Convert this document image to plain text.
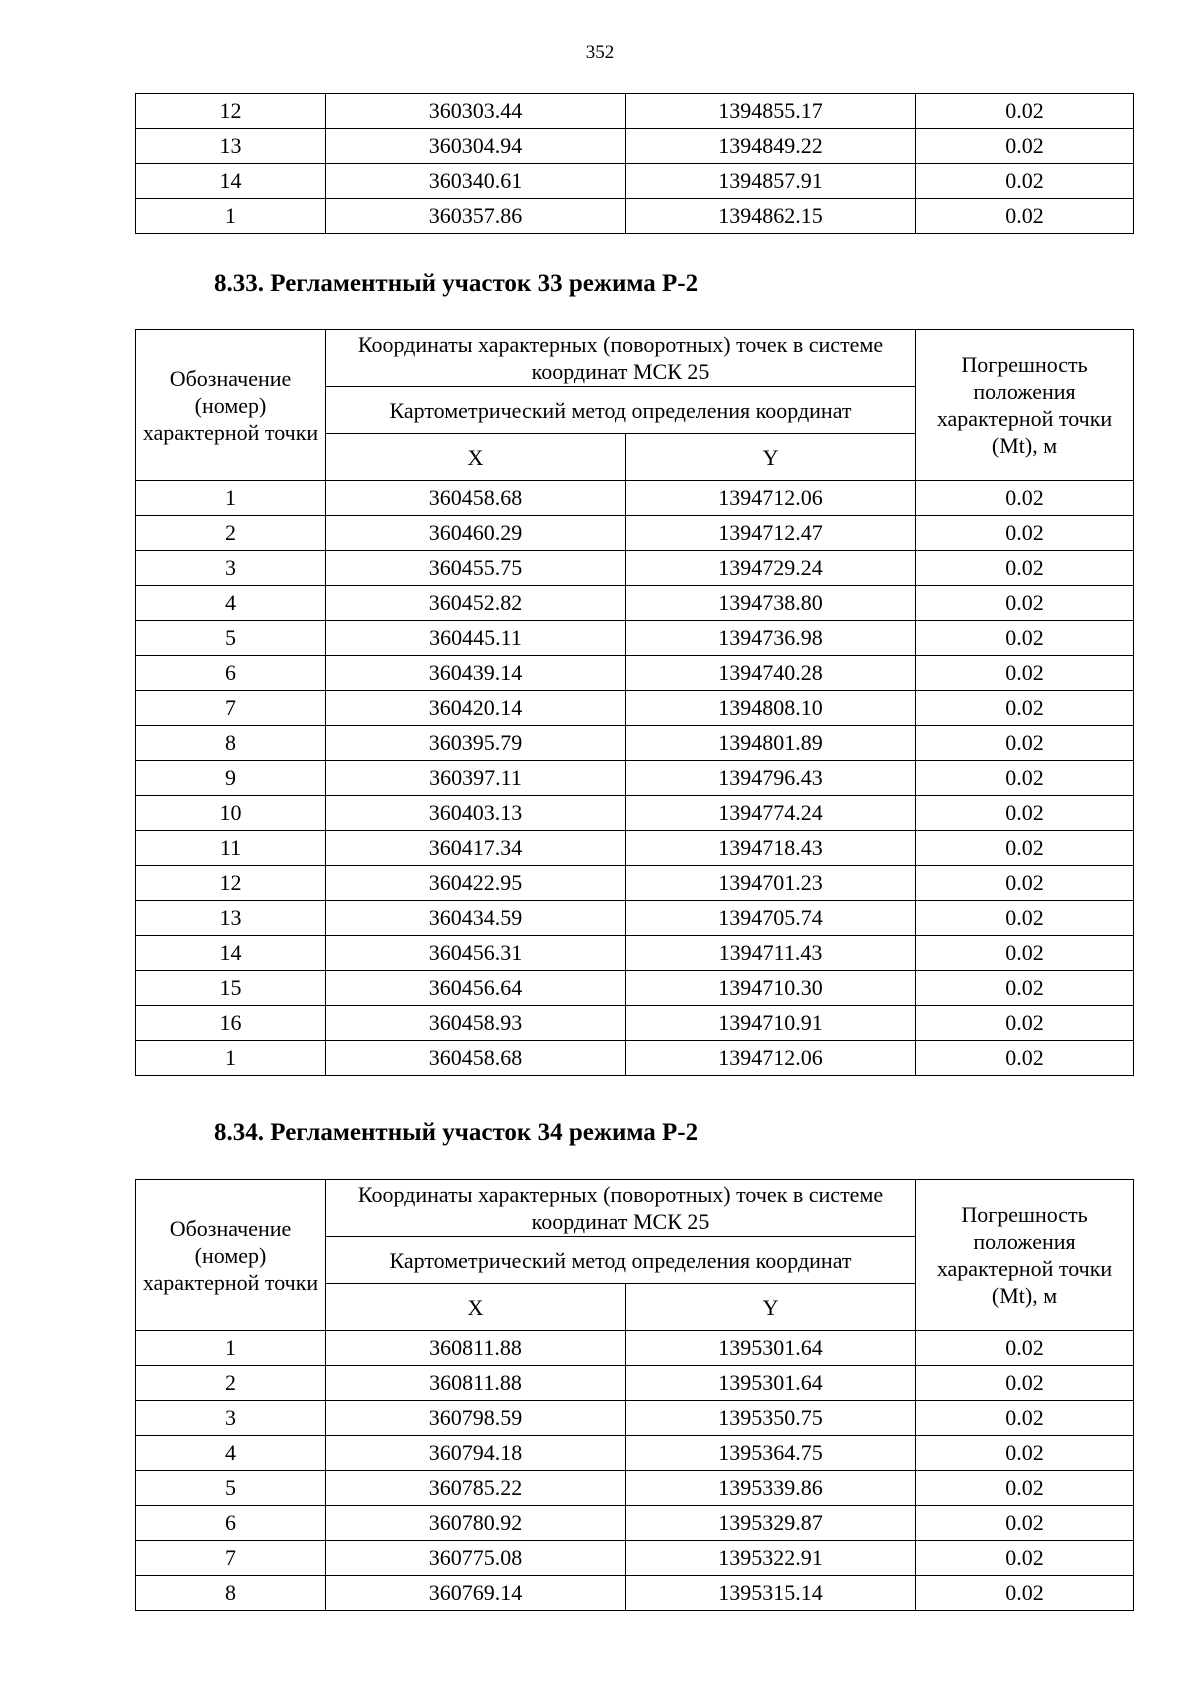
352
12	360303.44	1394855.17	0.02
13	360304.94	1394849.22	0.02
14	360340.61	1394857.91	0.02
1	360357.86	1394862.15	0.02
8.33. Регламентный участок 33 режима Р-2
Обозначение (номер) характерной точки	Координаты характерных (поворотных) точек в системе координат МСК 25		Погрешность положения характерной точки (Mt), м
	Картометрический метод определения координат		
	X	Y	
1	360458.68	1394712.06	0.02
2	360460.29	1394712.47	0.02
3	360455.75	1394729.24	0.02
4	360452.82	1394738.80	0.02
5	360445.11	1394736.98	0.02
6	360439.14	1394740.28	0.02
7	360420.14	1394808.10	0.02
8	360395.79	1394801.89	0.02
9	360397.11	1394796.43	0.02
10	360403.13	1394774.24	0.02
11	360417.34	1394718.43	0.02
12	360422.95	1394701.23	0.02
13	360434.59	1394705.74	0.02
14	360456.31	1394711.43	0.02
15	360456.64	1394710.30	0.02
16	360458.93	1394710.91	0.02
1	360458.68	1394712.06	0.02
8.34. Регламентный участок 34 режима Р-2
Обозначение (номер) характерной точки	Координаты характерных (поворотных) точек в системе координат МСК 25		Погрешность положения характерной точки (Mt), м
	Картометрический метод определения координат		
	X	Y	
1	360811.88	1395301.64	0.02
2	360811.88	1395301.64	0.02
3	360798.59	1395350.75	0.02
4	360794.18	1395364.75	0.02
5	360785.22	1395339.86	0.02
6	360780.92	1395329.87	0.02
7	360775.08	1395322.91	0.02
8	360769.14	1395315.14	0.02
